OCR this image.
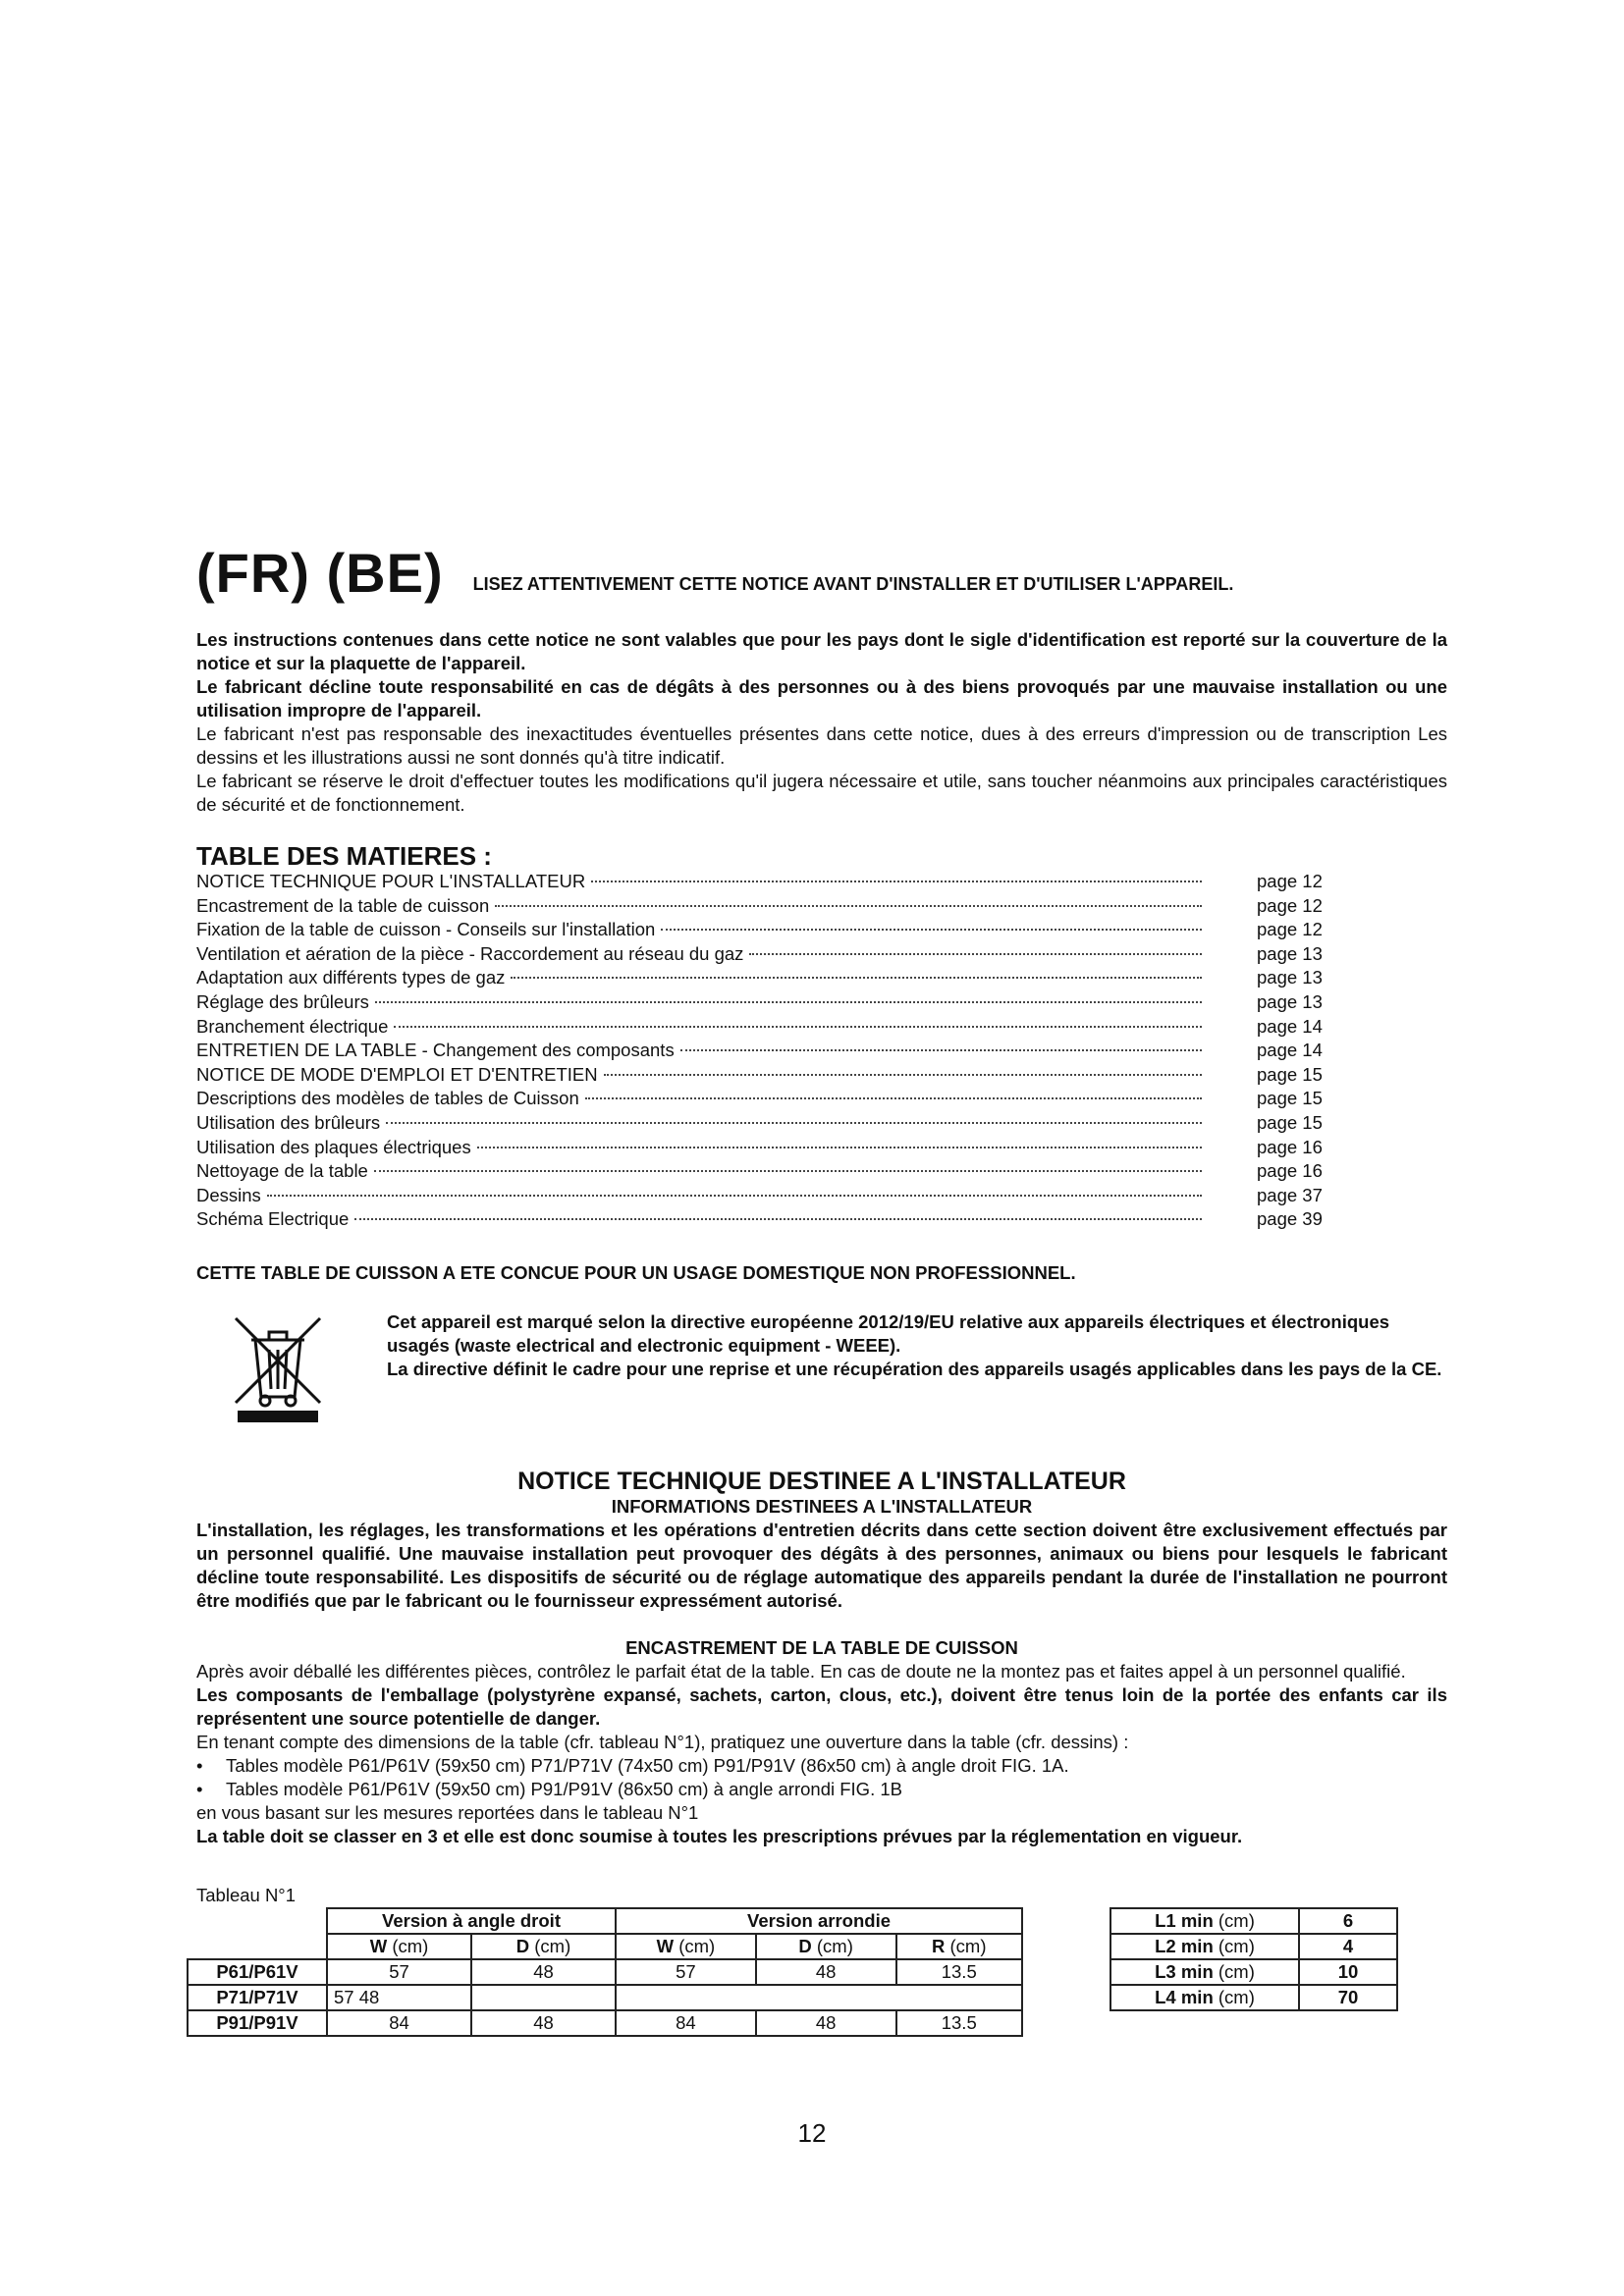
(FR) (BE) LISEZ ATTENTIVEMENT CETTE NOTICE AVANT D'INSTALLER ET D'UTILISER L'APPAREIL.

Les instructions contenues dans cette notice ne sont valables que pour les pays dont le sigle d'identification est reporté sur la couverture de la notice et sur la plaquette de l'appareil.

Le fabricant décline toute responsabilité en cas de dégâts à des personnes ou à des biens provoqués par une mauvaise installation ou une utilisation impropre de l'appareil.

Le fabricant n'est pas responsable des inexactitudes éventuelles présentes dans cette notice, dues à des erreurs d'impression ou de transcription Les dessins et les illustrations aussi ne sont donnés qu'à titre indicatif.

Le fabricant se réserve le droit d'effectuer toutes les modifications qu'il jugera nécessaire et utile, sans toucher néanmoins aux principales caractéristiques de sécurité et de fonctionnement.

TABLE DES MATIERES :
NOTICE TECHNIQUE POUR L'INSTALLATEUR	page 12
Encastrement de la table de cuisson	page 12
Fixation de la table de cuisson - Conseils sur l'installation	page 12
Ventilation et aération de la pièce - Raccordement au réseau du gaz	page 13
Adaptation aux différents types de gaz	page 13
Réglage des brûleurs	page 13
Branchement électrique	page 14
ENTRETIEN DE LA TABLE - Changement des composants	page 14
NOTICE DE MODE D'EMPLOI ET D'ENTRETIEN	page 15
Descriptions des modèles de tables de Cuisson	page 15
Utilisation des brûleurs	page 15
Utilisation des plaques électriques	page 16
Nettoyage de la table	page 16
Dessins	page 37
Schéma Electrique	page 39
CETTE TABLE DE CUISSON A ETE CONCUE POUR UN USAGE DOMESTIQUE NON PROFESSIONNEL.
Cet appareil est marqué selon la directive européenne 2012/19/EU relative aux appareils électriques et électroniques usagés (waste electrical and electronic equipment - WEEE).
La directive définit le cadre pour une reprise et une récupération des appareils usagés applicables dans les pays de la CE.
NOTICE TECHNIQUE DESTINEE A L'INSTALLATEUR
INFORMATIONS DESTINEES A L'INSTALLATEUR

L'installation, les réglages, les transformations et les opérations d'entretien décrits dans cette section doivent être exclusivement effectués par un personnel qualifié. Une mauvaise installation peut provoquer des dégâts à des personnes, animaux ou biens pour lesquels le fabricant décline toute responsabilité. Les dispositifs de sécurité ou de réglage automatique des appareils pendant la durée de l'installation ne pourront être modifiés que par le fabricant ou le fournisseur expressément autorisé.

ENCASTREMENT DE LA TABLE DE CUISSON

Après avoir déballé les différentes pièces, contrôlez le parfait état de la table. En cas de doute ne la montez pas et faites appel à un personnel qualifié.

Les composants de l'emballage (polystyrène expansé, sachets, carton, clous, etc.), doivent être tenus loin de la portée des enfants car ils représentent une source potentielle de danger.

En tenant compte des dimensions de la table (cfr. tableau N°1), pratiquez une ouverture dans la table (cfr. dessins) :

• Tables modèle P61/P61V (59x50 cm) P71/P71V (74x50 cm) P91/P91V (86x50 cm) à angle droit FIG. 1A.
• Tables modèle P61/P61V (59x50 cm) P91/P91V (86x50 cm) à angle arrondi FIG. 1B

en vous basant sur les mesures reportées dans le tableau N°1

La table doit se classer en 3 et elle est donc soumise à toutes les prescriptions prévues par la réglementation en vigueur.

Tableau N°1
	Version à angle droit		Version arrondie		
	W (cm)	D (cm)	W (cm)	D (cm)	R (cm)
P61/P61V	57	48	57	48	13.5
P71/P71V	57 48				
P91/P91V	84	48	84	48	13.5
L1 min (cm)	6
L2 min (cm)	4
L3 min (cm)	10
L4 min (cm)	70
12
